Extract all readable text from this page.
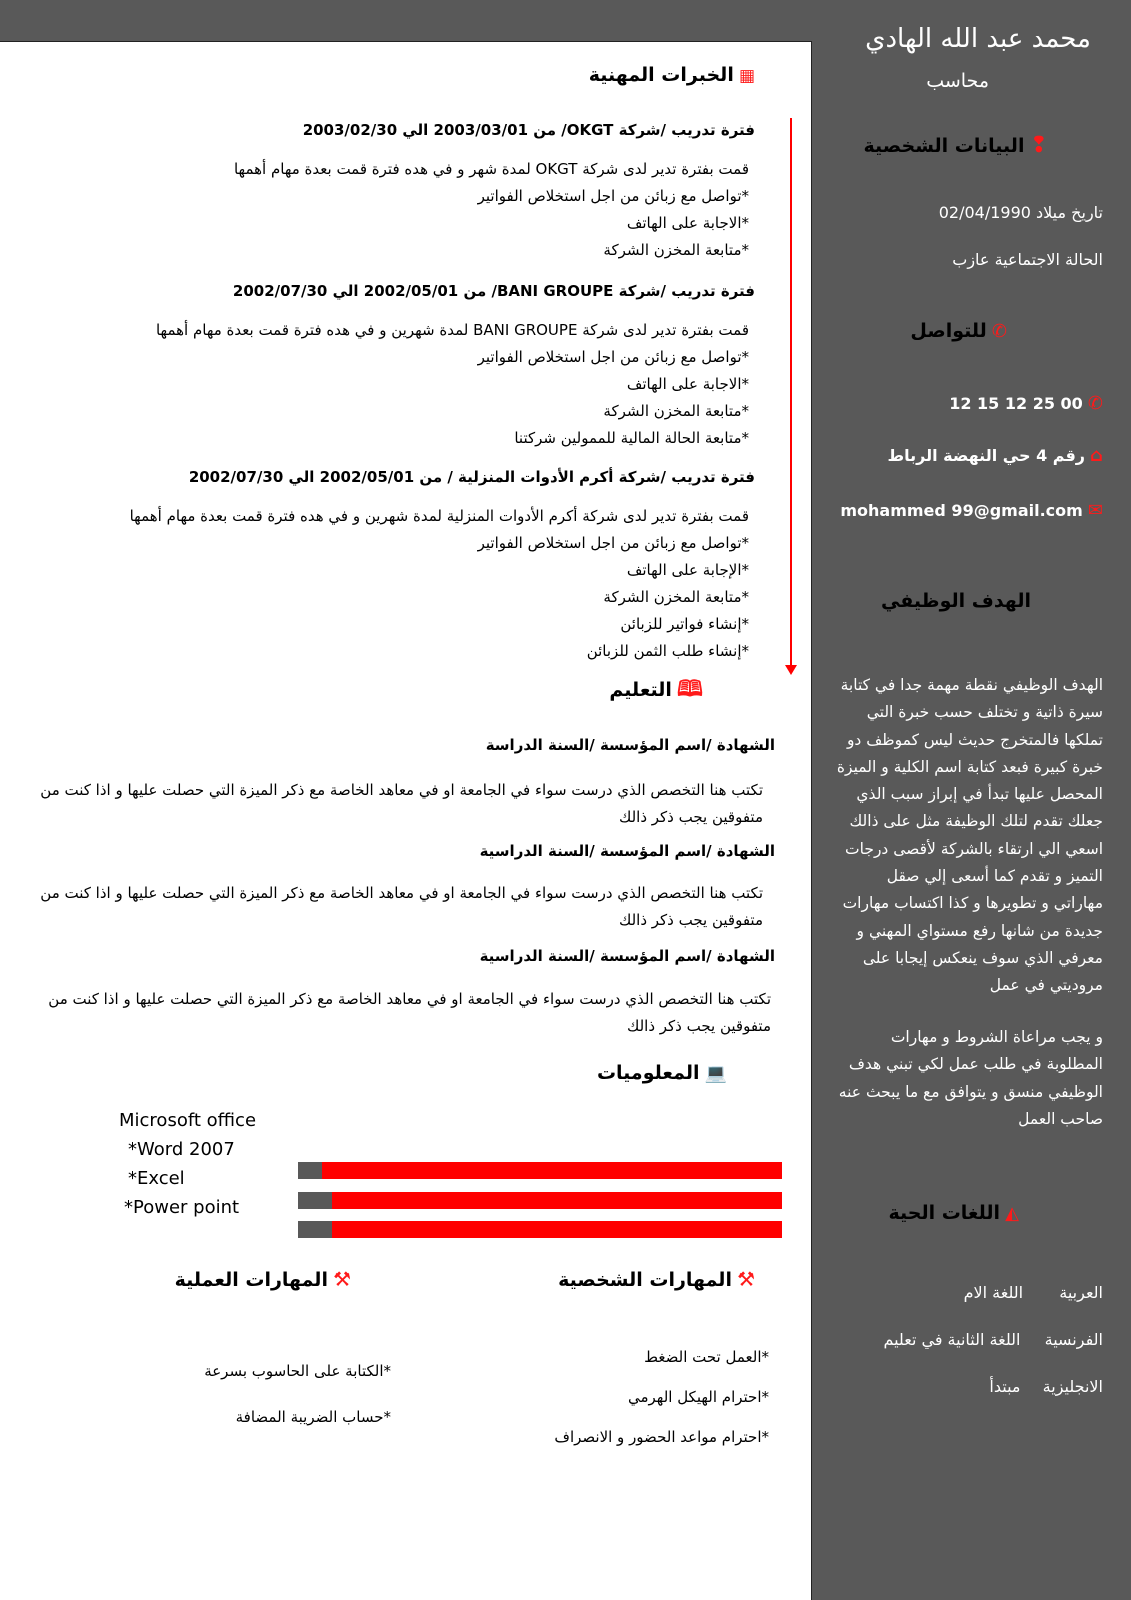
محمد عبد الله الهادي
محاسب
❢ البيانات الشخصية
تاريخ ميلاد 02/04/1990
الحالة الاجتماعية عازب
✆ للتواصل
✆ 12 15 12 25 00
⌂ رقم 4 حي النهضة الرباط
✉ mohammed 99@gmail.com
الهدف الوظيفي
الهدف الوظيفي نقطة مهمة جدا في كتابة سيرة ذاتية و تختلف حسب خبرة التي تملكها فالمتخرج حديث ليس كموظف دو خبرة كبيرة فبعد كتابة اسم الكلية و الميزة المحصل عليها تبدأ في إبراز سبب الذي جعلك تقدم لتلك الوظيفة مثل على ذالك اسعي الي ارتقاء بالشركة لأقصى درجات التميز و تقدم كما أسعى إلي صقل مهاراتي و تطويرها و كذا اكتساب مهارات جديدة من شانها رفع مستواي المهني و معرفي الذي سوف ينعكس إيجابا على مروديتي في عمل
و يجب مراعاة الشروط و مهارات المطلوبة في طلب عمل لكي تبني هدف الوظيفي منسق و يتوافق مع ما يبحث عنه صاحب العمل
◭ اللغات الحية
العربية  اللغة الام
الفرنسية  اللغة الثانية في تعليم
الانجليزية  مبتدأ
▦ الخبرات المهنية
فترة تدريب /شركة OKGT/ من 2003/03/01 الي 2003/02/30
قمت بفترة تدير لدى شركة OKGT لمدة شهر و في هده فترة قمت بعدة مهام أهمها
*تواصل مع زبائن من اجل استخلاص الفواتير
*الاجابة على الهاتف
*متابعة المخزن الشركة
فترة تدريب /شركة BANI GROUPE/ من 2002/05/01 الي 2002/07/30
قمت بفترة تدير لدى شركة BANI GROUPE لمدة شهرين و في هده فترة قمت بعدة مهام أهمها
*تواصل مع زبائن من اجل استخلاص الفواتير
*الاجابة على الهاتف
*متابعة المخزن الشركة
*متابعة الحالة المالية للممولين شركتنا
فترة تدريب /شركة أكرم الأدوات المنزلية / من 2002/05/01 الي 2002/07/30
قمت بفترة تدير لدى شركة أكرم الأدوات المنزلية لمدة شهرين و في هده فترة قمت بعدة مهام أهمها
*تواصل مع زبائن من اجل استخلاص الفواتير
*الإجابة على الهاتف
*متابعة المخزن الشركة
*إنشاء فواتير للزبائن
*إنشاء طلب الثمن للزبائن
🕮 التعليم
الشهادة /اسم المؤسسة /السنة الدراسة
تكتب هنا التخصص الذي درست سواء في الجامعة او في معاهد الخاصة مع ذكر الميزة التي حصلت عليها و اذا كنت من متفوقين يجب ذكر ذالك
الشهادة /اسم المؤسسة /السنة الدراسية
تكتب هنا التخصص الذي درست سواء في الجامعة او في معاهد الخاصة مع ذكر الميزة التي حصلت عليها و اذا كنت من متفوقين يجب ذكر ذالك
الشهادة /اسم المؤسسة /السنة الدراسية
تكتب هنا التخصص الذي درست سواء في الجامعة او في معاهد الخاصة مع ذكر الميزة التي حصلت عليها و اذا كنت من متفوقين يجب ذكر ذالك
💻 المعلوميات
Microsoft office
*Word 2007
*Excel
*Power point
⚒ المهارات الشخصية
*العمل تحت الضغط
*احترام الهيكل الهرمي
*احترام مواعد الحضور و الانصراف
⚒ المهارات العملية
*الكتابة على الحاسوب بسرعة
*حساب الضريبة المضافة
